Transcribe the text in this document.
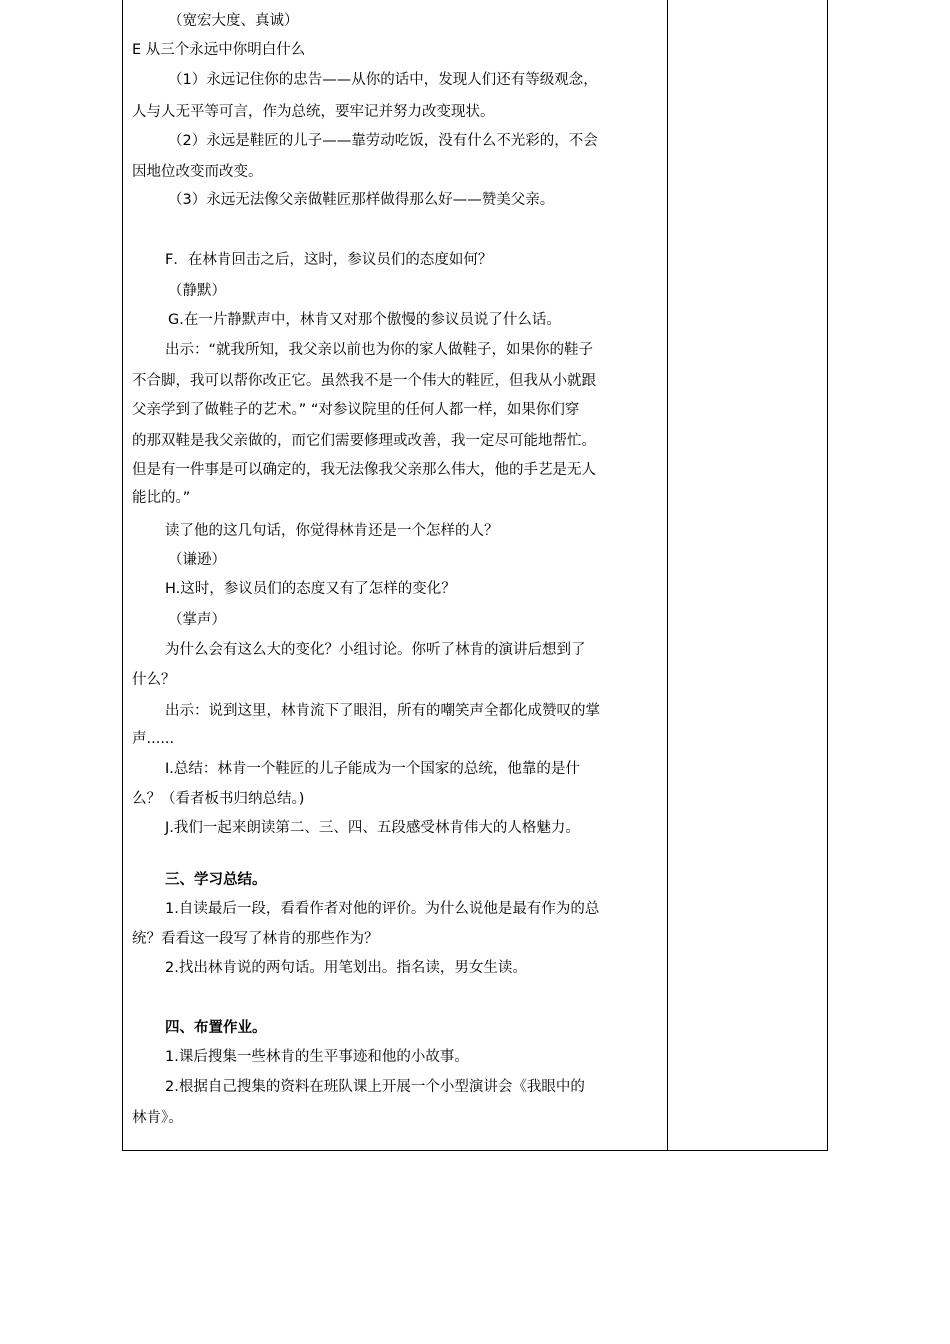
（宽宏大度、真诚）
E 从三个永远中你明白什么
（1）永远记住你的忠告——从你的话中，发现人们还有等级观念，
人与人无平等可言，作为总统，要牢记并努力改变现状。
（2）永远是鞋匠的儿子——靠劳动吃饭，没有什么不光彩的，不会
因地位改变而改变。
（3）永远无法像父亲做鞋匠那样做得那么好——赞美父亲。
F．在林肯回击之后，这时，参议员们的态度如何？
（静默）
G.在一片静默声中，林肯又对那个傲慢的参议员说了什么话。
出示：“就我所知，我父亲以前也为你的家人做鞋子，如果你的鞋子
不合脚，我可以帮你改正它。虽然我不是一个伟大的鞋匠，但我从小就跟
父亲学到了做鞋子的艺术。” “对参议院里的任何人都一样，如果你们穿
的那双鞋是我父亲做的，而它们需要修理或改善，我一定尽可能地帮忙。
但是有一件事是可以确定的，我无法像我父亲那么伟大，他的手艺是无人
能比的。”
读了他的这几句话，你觉得林肯还是一个怎样的人？
（谦逊）
H.这时，参议员们的态度又有了怎样的变化？
（掌声）
为什么会有这么大的变化？小组讨论。你听了林肯的演讲后想到了
什么？
出示：说到这里，林肯流下了眼泪，所有的嘲笑声全都化成赞叹的掌
声......
I.总结：林肯一个鞋匠的儿子能成为一个国家的总统，他靠的是什
么？（看者板书归纳总结。)
J.我们一起来朗读第二、三、四、五段感受林肯伟大的人格魅力。
三、学习总结。
1.自读最后一段，看看作者对他的评价。为什么说他是最有作为的总
统？看看这一段写了林肯的那些作为？
2.找出林肯说的两句话。用笔划出。指名读，男女生读。
四、布置作业。
1.课后搜集一些林肯的生平事迹和他的小故事。
2.根据自己搜集的资料在班队课上开展一个小型演讲会《我眼中的
林肯》。
